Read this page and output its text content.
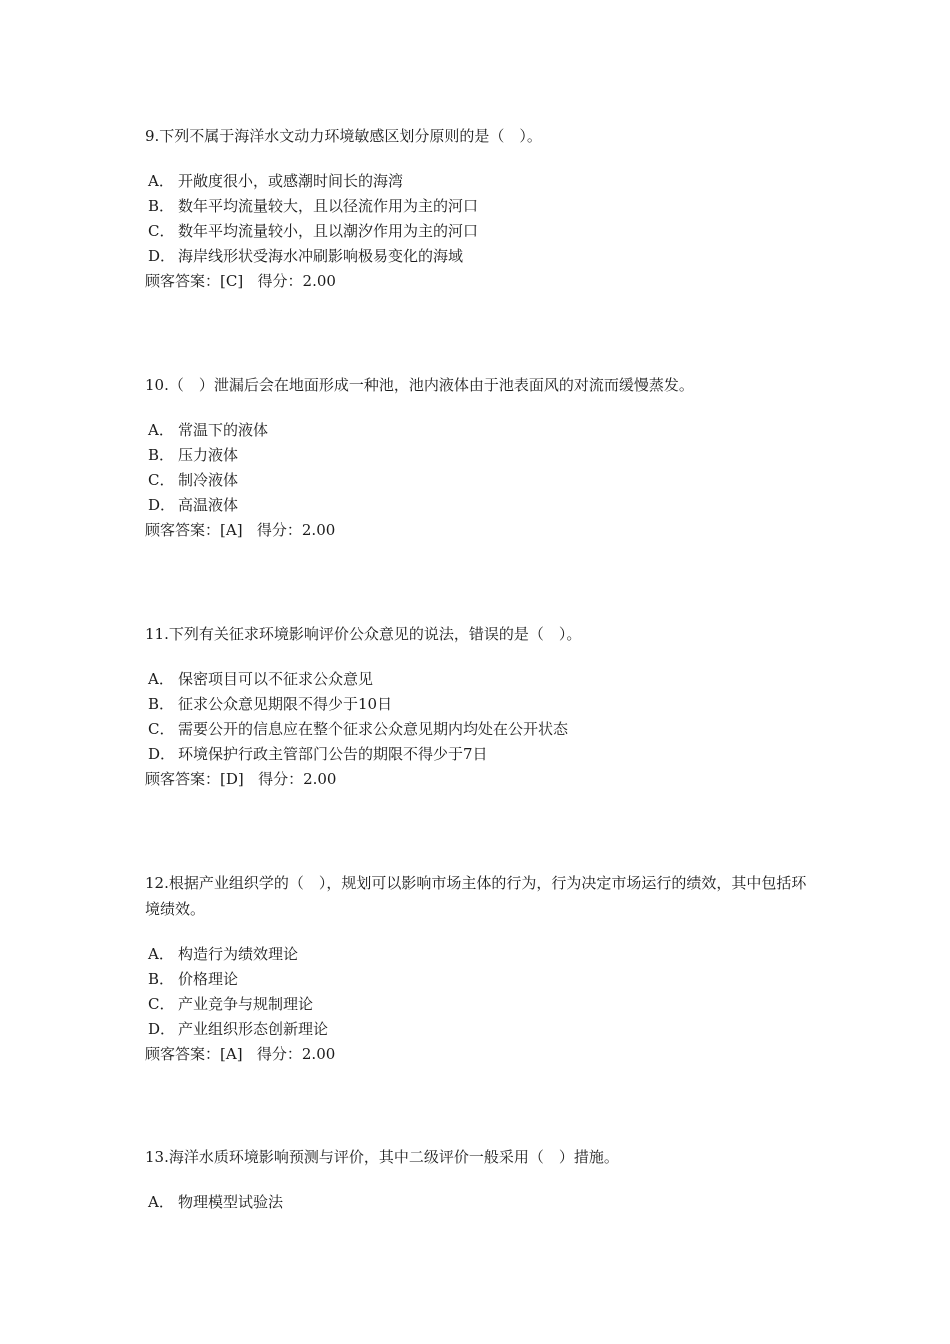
9.下列不属于海洋水文动力环境敏感区划分原则的是（　）。

A． 开敞度很小，或感潮时间长的海湾
B． 数年平均流量较大，且以径流作用为主的河口
C． 数年平均流量较小，且以潮汐作用为主的河口
D． 海岸线形状受海水冲刷影响极易变化的海域
顾客答案：[C] 得分：2.00

10.（　）泄漏后会在地面形成一种池，池内液体由于池表面风的对流而缓慢蒸发。

A． 常温下的液体
B． 压力液体
C． 制冷液体
D． 高温液体
顾客答案：[A] 得分：2.00

11.下列有关征求环境影响评价公众意见的说法，错误的是（　）。

A． 保密项目可以不征求公众意见
B． 征求公众意见期限不得少于10日
C． 需要公开的信息应在整个征求公众意见期内均处在公开状态
D． 环境保护行政主管部门公告的期限不得少于7日
顾客答案：[D] 得分：2.00

12.根据产业组织学的（　），规划可以影响市场主体的行为，行为决定市场运行的绩效，其中包括环境绩效。

A． 构造行为绩效理论
B． 价格理论
C． 产业竞争与规制理论
D． 产业组织形态创新理论
顾客答案：[A] 得分：2.00

13.海洋水质环境影响预测与评价，其中二级评价一般采用（　）措施。

A． 物理模型试验法
